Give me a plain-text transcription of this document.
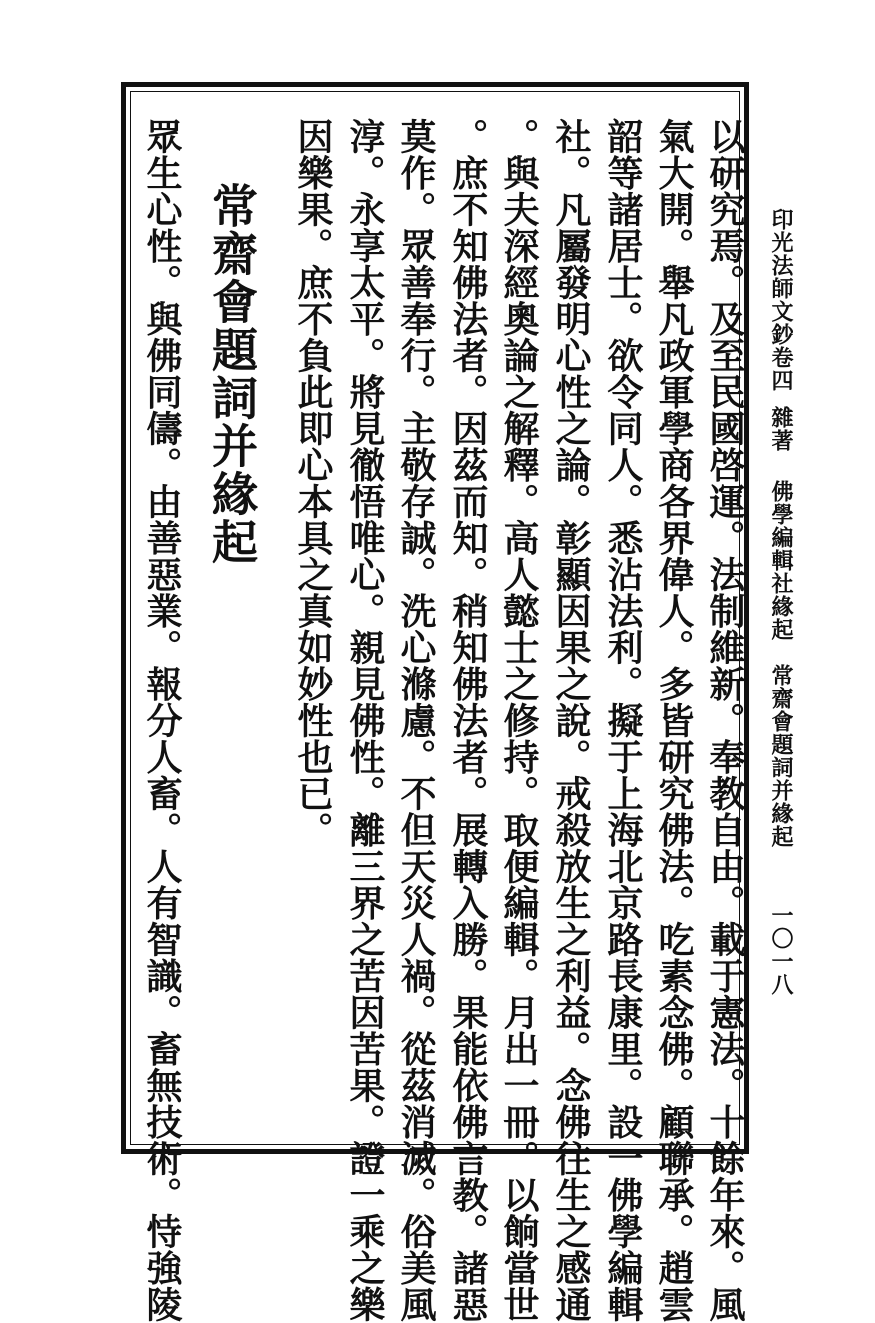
印光法師文鈔卷四雜著佛學編輯社緣起　常齋會題詞并緣起
一〇一八
以研究焉。及至民國啓運。法制維新。奉教自由。載于憲法。十餘年來。風
氣大開。舉凡政軍學商各界偉人。多皆研究佛法。吃素念佛。顧聯承。趙雲
韶等諸居士。欲令同人。悉沾法利。擬于上海北京路長康里。設一佛學編輯
社。凡屬發明心性之論。彰顯因果之說。戒殺放生之利益。念佛往生之感通
。與夫深經奧論之解釋。高人懿士之修持。取便編輯。月出一冊。以餉當世
。庶不知佛法者。因茲而知。稍知佛法者。展轉入勝。果能依佛言教。諸惡
莫作。眾善奉行。主敬存誠。洗心滌慮。不但天災人禍。從茲消滅。俗美風
淳。永享太平。將見徹悟唯心。親見佛性。離三界之苦因苦果。證一乘之樂
因樂果。庶不負此即心本具之真如妙性也已。
常齋會題詞并緣起
眾生心性。與佛同儔。由善惡業。報分人畜。人有智識。畜無技術。恃強陵
